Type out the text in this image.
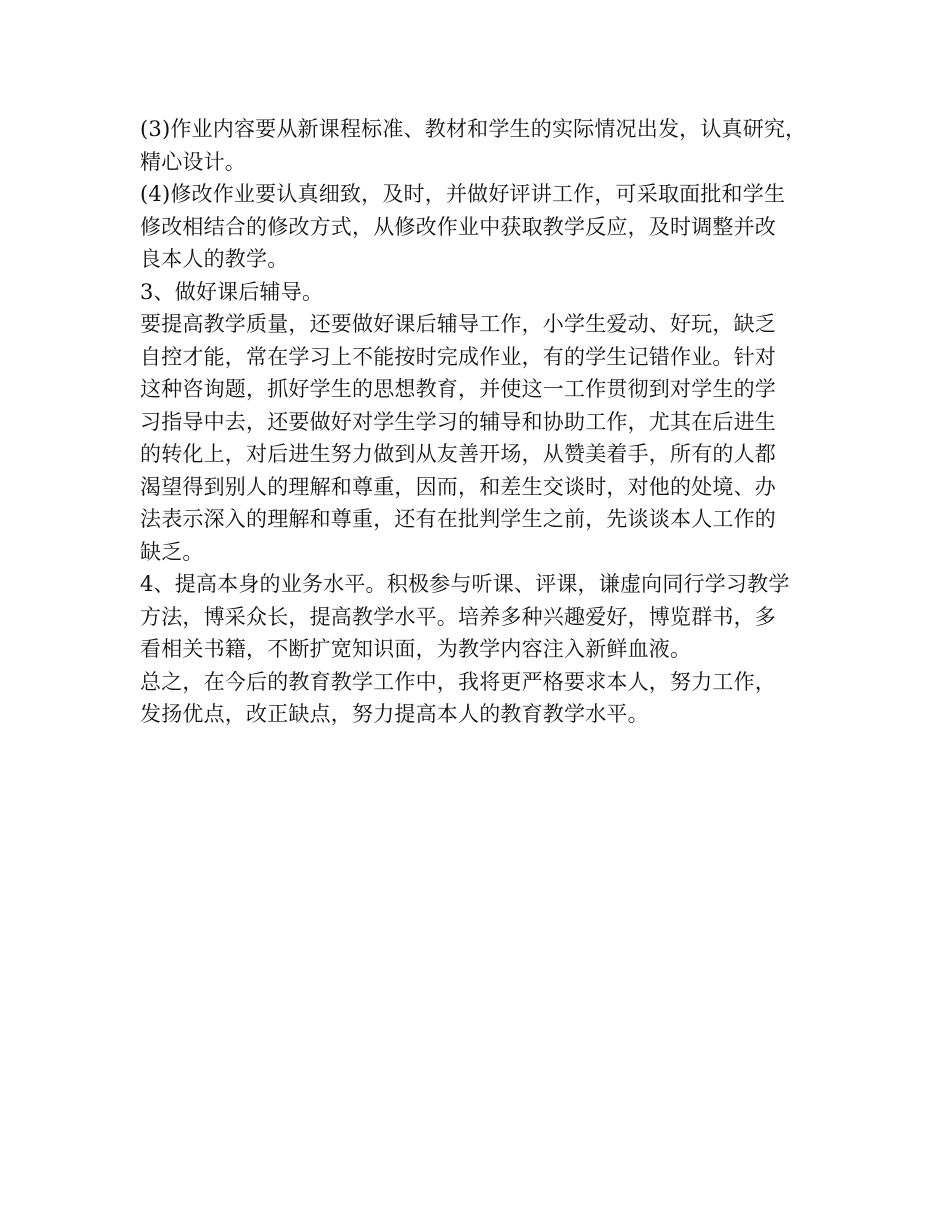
(3)作业内容要从新课程标准、教材和学生的实际情况出发，认真研究，
精心设计。
(4)修改作业要认真细致，及时，并做好评讲工作，可采取面批和学生
修改相结合的修改方式，从修改作业中获取教学反应，及时调整并改
良本人的教学。
3、做好课后辅导。
要提高教学质量，还要做好课后辅导工作，小学生爱动、好玩，缺乏
自控才能，常在学习上不能按时完成作业，有的学生记错作业。针对
这种咨询题，抓好学生的思想教育，并使这一工作贯彻到对学生的学
习指导中去，还要做好对学生学习的辅导和协助工作，尤其在后进生
的转化上，对后进生努力做到从友善开场，从赞美着手，所有的人都
渴望得到别人的理解和尊重，因而，和差生交谈时，对他的处境、办
法表示深入的理解和尊重，还有在批判学生之前，先谈谈本人工作的
缺乏。
4、提高本身的业务水平。积极参与听课、评课，谦虚向同行学习教学
方法，博采众长，提高教学水平。培养多种兴趣爱好，博览群书，多
看相关书籍，不断扩宽知识面，为教学内容注入新鲜血液。
总之，在今后的教育教学工作中，我将更严格要求本人，努力工作，
发扬优点，改正缺点，努力提高本人的教育教学水平。
